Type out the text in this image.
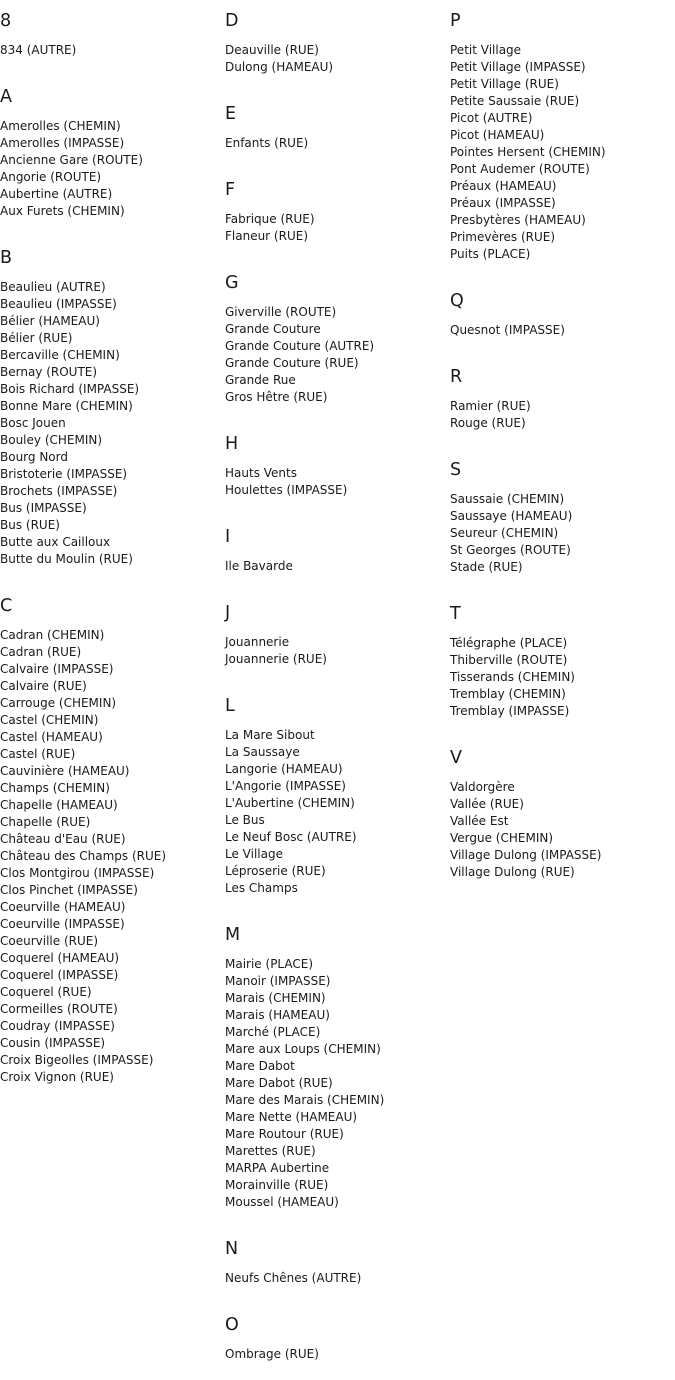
8
834 (AUTRE)
A
Amerolles (CHEMIN)
Amerolles (IMPASSE)
Ancienne Gare (ROUTE)
Angorie (ROUTE)
Aubertine (AUTRE)
Aux Furets (CHEMIN)
B
Beaulieu (AUTRE)
Beaulieu (IMPASSE)
Bélier (HAMEAU)
Bélier (RUE)
Bercaville (CHEMIN)
Bernay (ROUTE)
Bois Richard (IMPASSE)
Bonne Mare (CHEMIN)
Bosc Jouen
Bouley (CHEMIN)
Bourg Nord
Bristoterie (IMPASSE)
Brochets (IMPASSE)
Bus (IMPASSE)
Bus (RUE)
Butte aux Cailloux
Butte du Moulin (RUE)
C
Cadran (CHEMIN)
Cadran (RUE)
Calvaire (IMPASSE)
Calvaire (RUE)
Carrouge (CHEMIN)
Castel (CHEMIN)
Castel (HAMEAU)
Castel (RUE)
Cauvinière (HAMEAU)
Champs (CHEMIN)
Chapelle (HAMEAU)
Chapelle (RUE)
Château d'Eau (RUE)
Château des Champs (RUE)
Clos Montgirou (IMPASSE)
Clos Pinchet (IMPASSE)
Coeurville (HAMEAU)
Coeurville (IMPASSE)
Coeurville (RUE)
Coquerel (HAMEAU)
Coquerel (IMPASSE)
Coquerel (RUE)
Cormeilles (ROUTE)
Coudray (IMPASSE)
Cousin (IMPASSE)
Croix Bigeolles (IMPASSE)
Croix Vignon (RUE)
D
Deauville (RUE)
Dulong (HAMEAU)
E
Enfants (RUE)
F
Fabrique (RUE)
Flaneur (RUE)
G
Giverville (ROUTE)
Grande Couture
Grande Couture (AUTRE)
Grande Couture (RUE)
Grande Rue
Gros Hêtre (RUE)
H
Hauts Vents
Houlettes (IMPASSE)
I
Ile Bavarde
J
Jouannerie
Jouannerie (RUE)
L
La Mare Sibout
La Saussaye
Langorie (HAMEAU)
L'Angorie (IMPASSE)
L'Aubertine (CHEMIN)
Le Bus
Le Neuf Bosc (AUTRE)
Le Village
Léproserie (RUE)
Les Champs
M
Mairie (PLACE)
Manoir (IMPASSE)
Marais (CHEMIN)
Marais (HAMEAU)
Marché (PLACE)
Mare aux Loups (CHEMIN)
Mare Dabot
Mare Dabot (RUE)
Mare des Marais (CHEMIN)
Mare Nette (HAMEAU)
Mare Routour (RUE)
Marettes (RUE)
MARPA Aubertine
Morainville (RUE)
Moussel (HAMEAU)
N
Neufs Chênes (AUTRE)
O
Ombrage (RUE)
P
Petit Village
Petit Village (IMPASSE)
Petit Village (RUE)
Petite Saussaie (RUE)
Picot (AUTRE)
Picot (HAMEAU)
Pointes Hersent (CHEMIN)
Pont Audemer (ROUTE)
Préaux (HAMEAU)
Préaux (IMPASSE)
Presbytères (HAMEAU)
Primevères (RUE)
Puits (PLACE)
Q
Quesnot (IMPASSE)
R
Ramier (RUE)
Rouge (RUE)
S
Saussaie (CHEMIN)
Saussaye (HAMEAU)
Seureur (CHEMIN)
St Georges (ROUTE)
Stade (RUE)
T
Télégraphe (PLACE)
Thiberville (ROUTE)
Tisserands (CHEMIN)
Tremblay (CHEMIN)
Tremblay (IMPASSE)
V
Valdorgère
Vallée (RUE)
Vallée Est
Vergue (CHEMIN)
Village Dulong (IMPASSE)
Village Dulong (RUE)
